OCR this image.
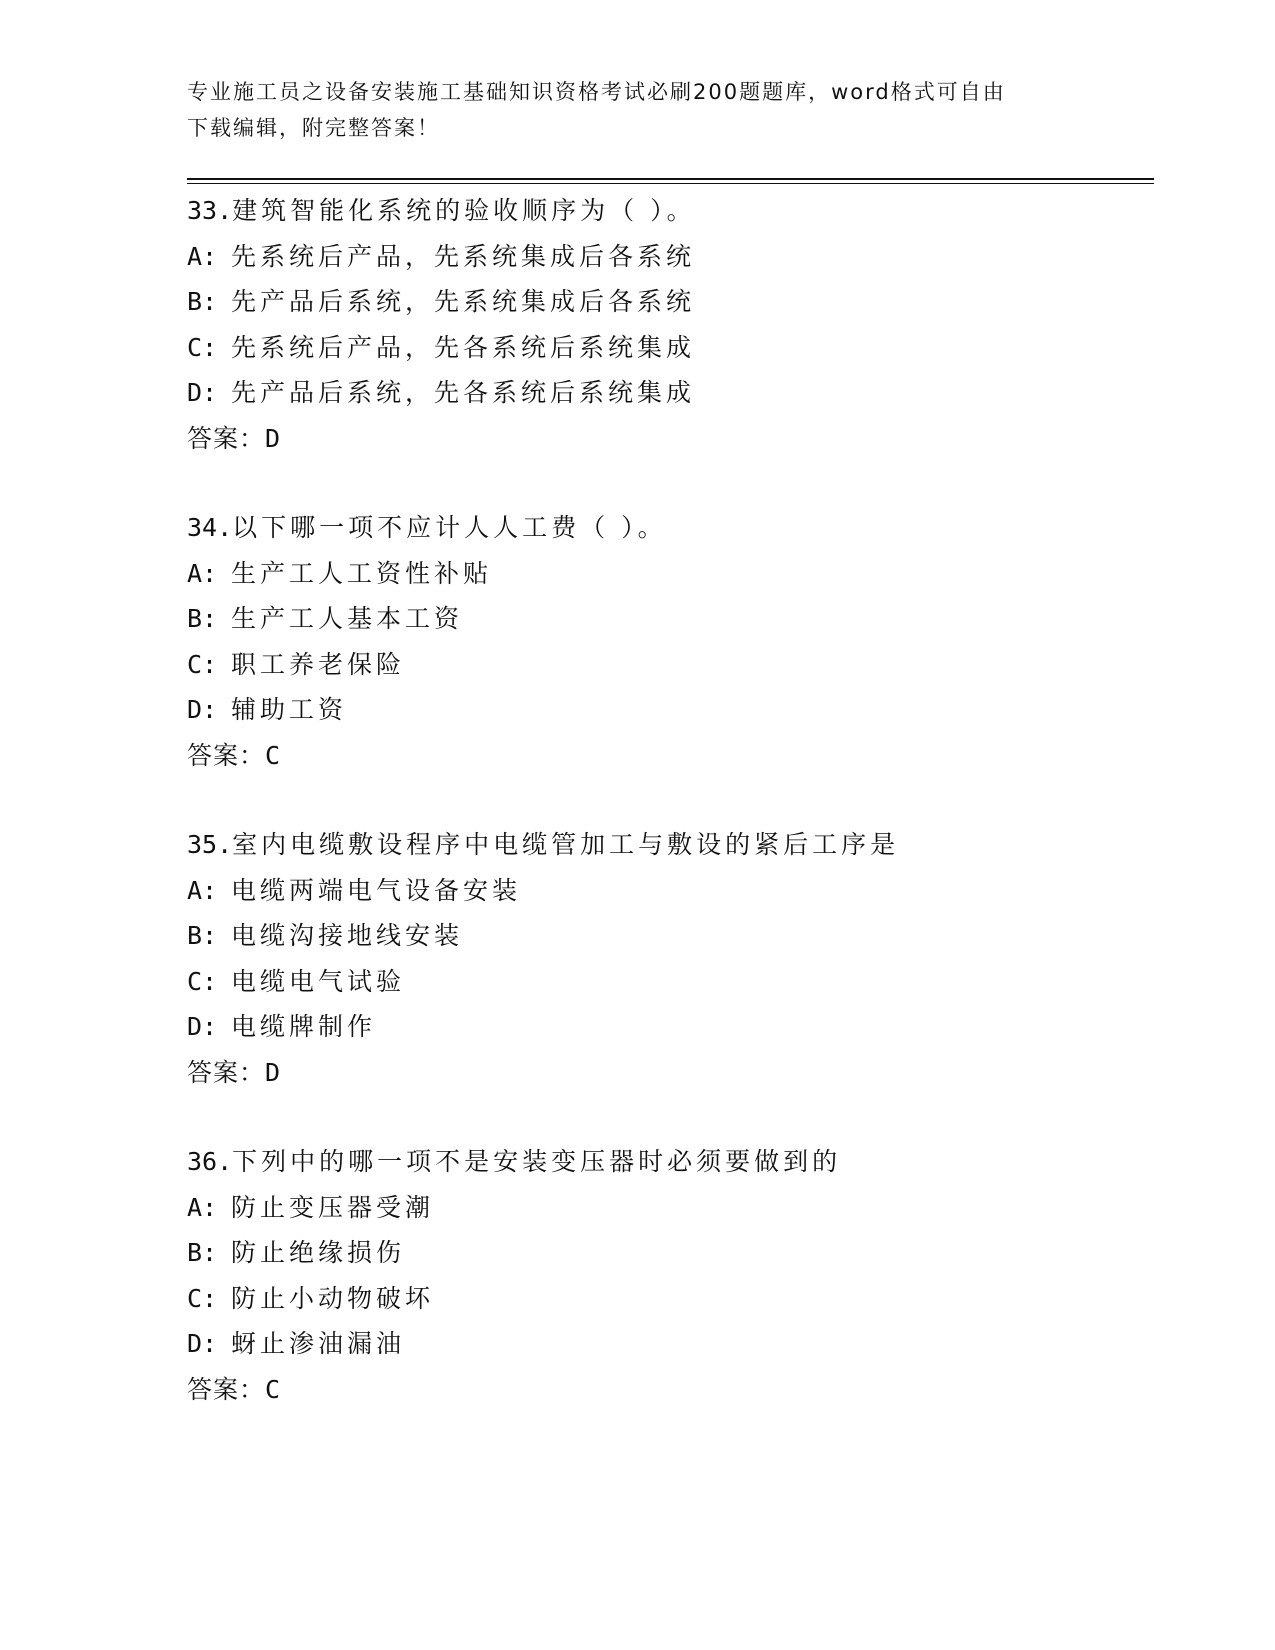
专业施工员之设备安装施工基础知识资格考试必刷200题题库，word格式可自由
下载编辑，附完整答案！
33.建筑智能化系统的验收顺序为（ ）。
A: 先系统后产品，先系统集成后各系统
B: 先产品后系统，先系统集成后各系统
C: 先系统后产品，先各系统后系统集成
D: 先产品后系统，先各系统后系统集成
答案：D
34.以下哪一项不应计人人工费（ ）。
A: 生产工人工资性补贴
B: 生产工人基本工资
C: 职工养老保险
D: 辅助工资
答案：C
35.室内电缆敷设程序中电缆管加工与敷设的紧后工序是
A: 电缆两端电气设备安装
B: 电缆沟接地线安装
C: 电缆电气试验
D: 电缆牌制作
答案：D
36.下列中的哪一项不是安装变压器时必须要做到的
A: 防止变压器受潮
B: 防止绝缘损伤
C: 防止小动物破坏
D: 蚜止渗油漏油
答案：C
